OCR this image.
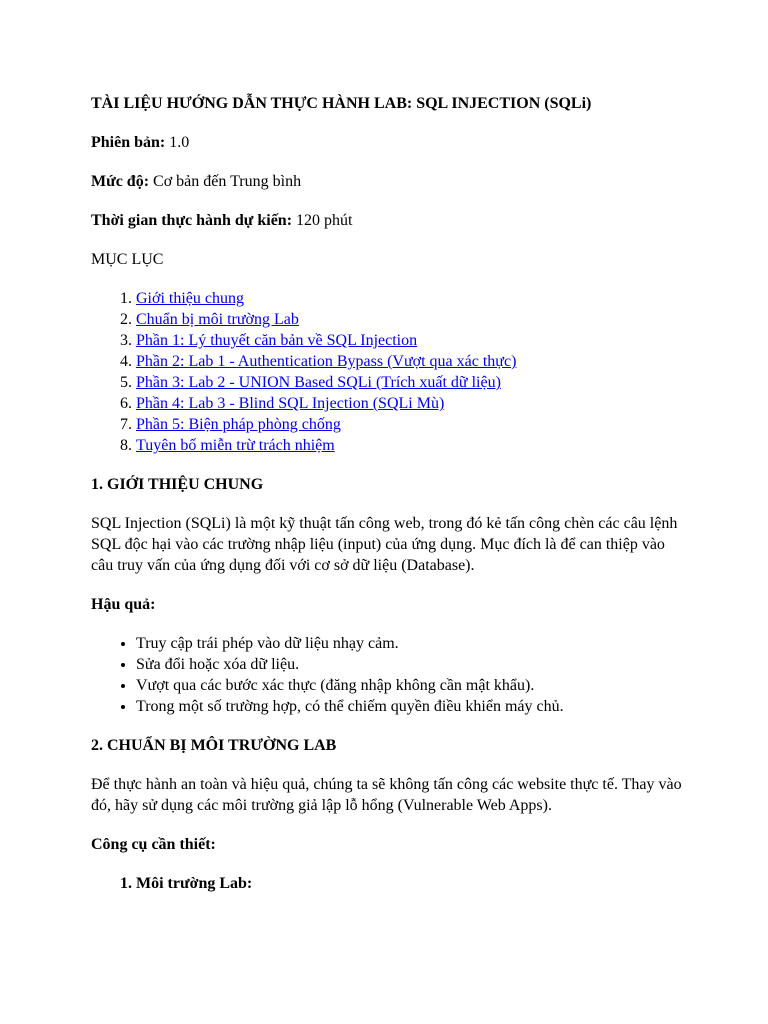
TÀI LIỆU HƯỚNG DẪN THỰC HÀNH LAB: SQL INJECTION (SQLi)

Phiên bản: 1.0

Mức độ: Cơ bản đến Trung bình

Thời gian thực hành dự kiến: 120 phút

MỤC LỤC

1. Giới thiệu chung
2. Chuẩn bị môi trường Lab
3. Phần 1: Lý thuyết căn bản về SQL Injection
4. Phần 2: Lab 1 - Authentication Bypass (Vượt qua xác thực)
5. Phần 3: Lab 2 - UNION Based SQLi (Trích xuất dữ liệu)
6. Phần 4: Lab 3 - Blind SQL Injection (SQLi Mù)
7. Phần 5: Biện pháp phòng chống
8. Tuyên bố miễn trừ trách nhiệm

1. GIỚI THIỆU CHUNG

SQL Injection (SQLi) là một kỹ thuật tấn công web, trong đó kẻ tấn công chèn các câu lệnh SQL độc hại vào các trường nhập liệu (input) của ứng dụng. Mục đích là để can thiệp vào câu truy vấn của ứng dụng đối với cơ sở dữ liệu (Database).

Hậu quả:

• Truy cập trái phép vào dữ liệu nhạy cảm.
• Sửa đổi hoặc xóa dữ liệu.
• Vượt qua các bước xác thực (đăng nhập không cần mật khẩu).
• Trong một số trường hợp, có thể chiếm quyền điều khiển máy chủ.

2. CHUẨN BỊ MÔI TRƯỜNG LAB

Để thực hành an toàn và hiệu quả, chúng ta sẽ không tấn công các website thực tế. Thay vào đó, hãy sử dụng các môi trường giả lập lỗ hổng (Vulnerable Web Apps).

Công cụ cần thiết:

1. Môi trường Lab:
